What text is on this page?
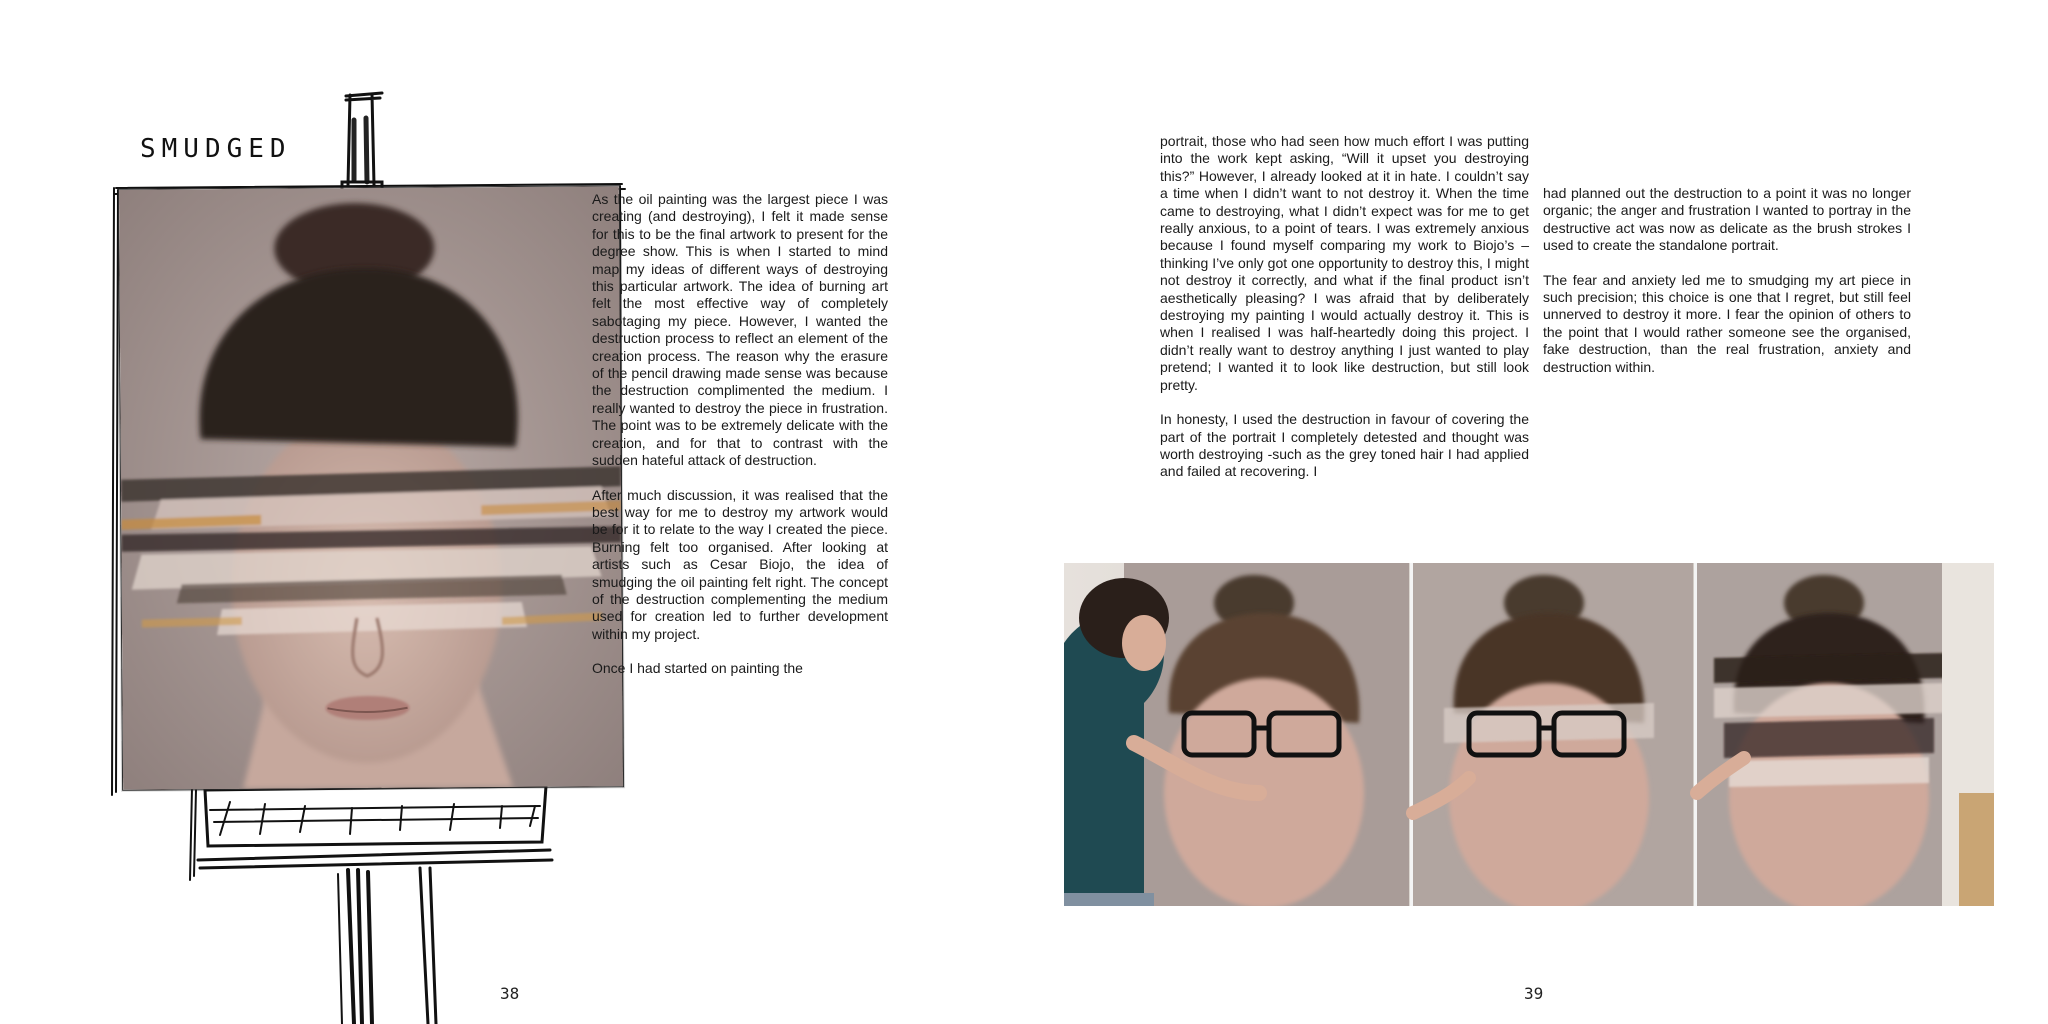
SMUDGED

As the oil painting was the largest piece I was creating (and destroying), I felt it made sense for this to be the final artwork to present for the degree show. This is when I started to mind map my ideas of different ways of destroying this particular artwork. The idea of burning art felt the most effective way of completely sabotaging my piece. However, I wanted the destruction process to reflect an element of the creation process. The reason why the erasure of the pencil drawing made sense was because the destruction complimented the medium. I really wanted to destroy the piece in frustration. The point was to be extremely delicate with the creation, and for that to contrast with the sudden hateful attack of destruction.

After much discussion, it was realised that the best way for me to destroy my artwork would be for it to relate to the way I created the piece. Burning felt too organised. After looking at artists such as Cesar Biojo, the idea of smudging the oil painting felt right. The concept of the destruction complementing the medium used for creation led to further development within my project.

Once I had started on painting the

38

portrait, those who had seen how much effort I was putting into the work kept asking, “Will it upset you destroying this?” However, I already looked at it in hate. I couldn’t say a time when I didn’t want to not destroy it. When the time came to destroying, what I didn’t expect was for me to get really anxious, to a point of tears. I was extremely anxious because I found myself comparing my work to Biojo’s –thinking I’ve only got one opportunity to destroy this, I might not destroy it correctly, and what if the final product isn’t aesthetically pleasing? I was afraid that by deliberately destroying my painting I would actually destroy it. This is when I realised I was half-heartedly doing this project. I didn’t really want to destroy anything I just wanted to play pretend; I wanted it to look like destruction, but still look pretty.

In honesty, I used the destruction in favour of covering the part of the portrait I completely detested and thought was worth destroying -such as the grey toned hair I had applied and failed at recovering. I

had planned out the destruction to a point it was no longer organic; the anger and frustration I wanted to portray in the destructive act was now as delicate as the brush strokes I used to create the standalone portrait.

The fear and anxiety led me to smudging my art piece in such precision; this choice is one that I regret, but still feel unnerved to destroy it more. I fear the opinion of others to the point that I would rather someone see the organised, fake destruction, than the real frustration, anxiety and destruction within.

39
